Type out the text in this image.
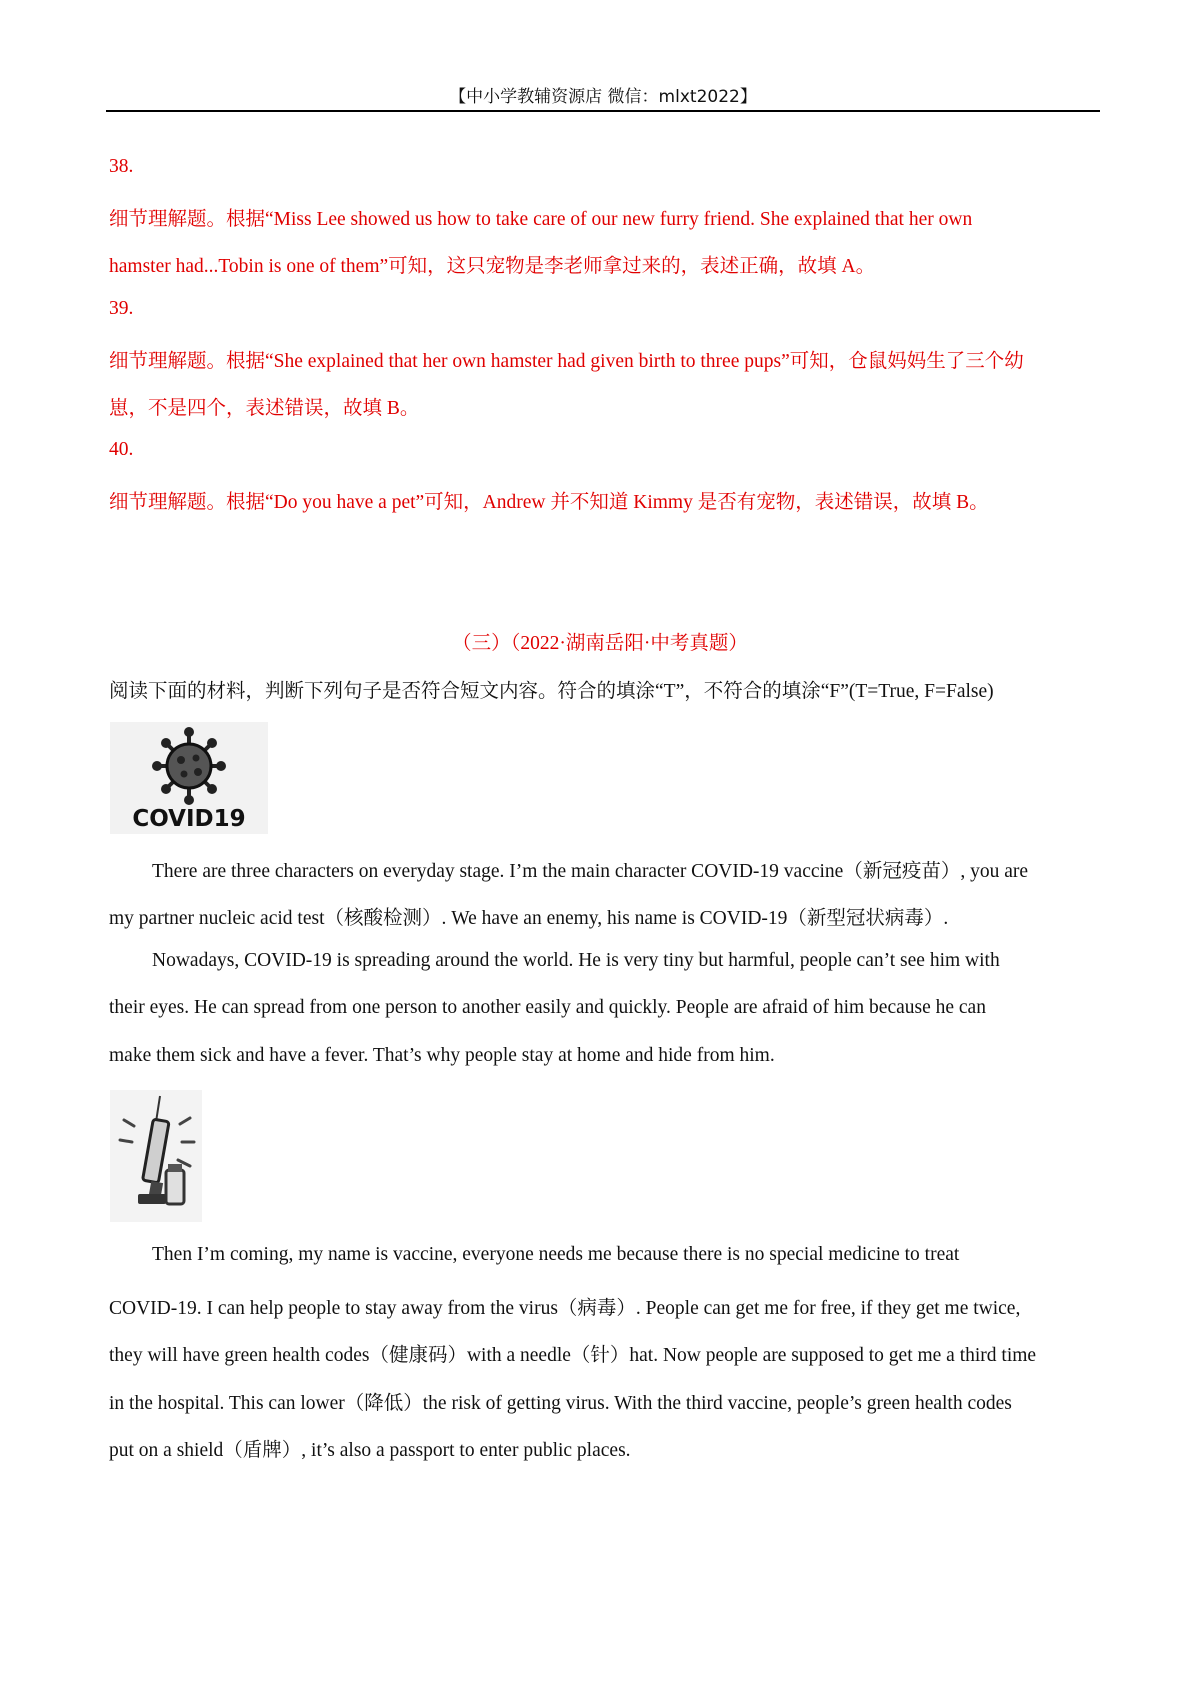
【中小学教辅资源店 微信：mlxt2022】
38.
细节理解题。根据“Miss Lee showed us how to take care of our new furry friend. She explained that her own
hamster had...Tobin is one of them”可知，这只宠物是李老师拿过来的，表述正确，故填 A。
39.
细节理解题。根据“She explained that her own hamster had given birth to three pups”可知，仓鼠妈妈生了三个幼
崽，不是四个，表述错误，故填 B。
40.
细节理解题。根据“Do you have a pet”可知，Andrew 并不知道 Kimmy 是否有宠物，表述错误，故填 B。
（三）（2022·湖南岳阳·中考真题）
阅读下面的材料，判断下列句子是否符合短文内容。符合的填涂“T”，不符合的填涂“F”(T=True, F=False)
COVID19
There are three characters on everyday stage. I’m the main character COVID-19 vaccine（新冠疫苗）, you are
my partner nucleic acid test（核酸检测）. We have an enemy, his name is COVID-19（新型冠状病毒）.
Nowadays, COVID-19 is spreading around the world. He is very tiny but harmful, people can’t see him with
their eyes. He can spread from one person to another easily and quickly. People are afraid of him because he can
make them sick and have a fever. That’s why people stay at home and hide from him.
Then I’m coming, my name is vaccine, everyone needs me because there is no special medicine to treat
COVID-19. I can help people to stay away from the virus（病毒）. People can get me for free, if they get me twice,
they will have green health codes（健康码）with a needle（针）hat. Now people are supposed to get me a third time
in the hospital. This can lower（降低）the risk of getting virus. With the third vaccine, people’s green health codes
put on a shield（盾牌）, it’s also a passport to enter public places.
